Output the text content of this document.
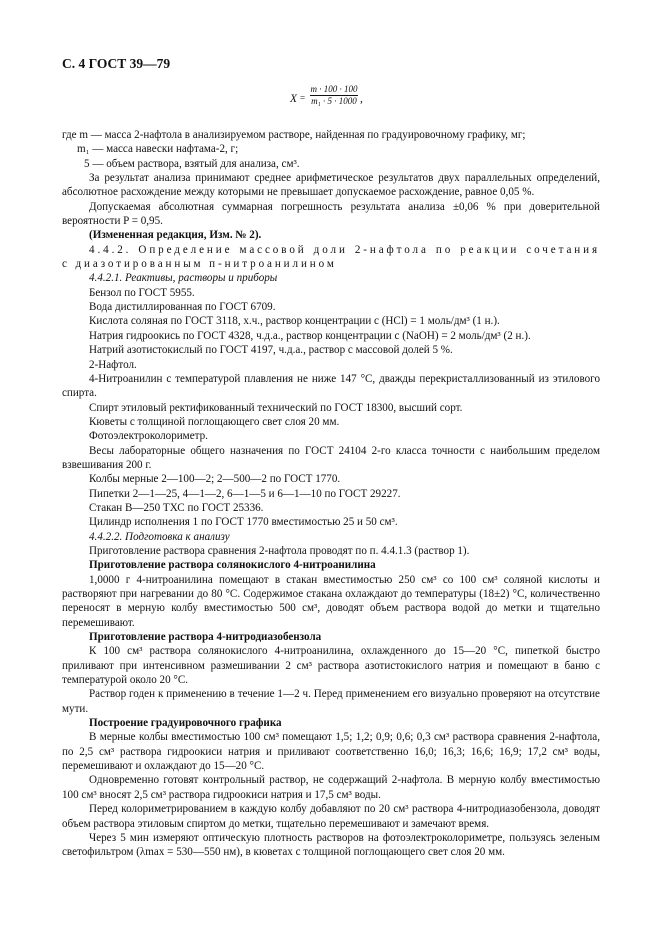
С. 4 ГОСТ 39—79
$X = \frac{m \cdot 100 \cdot 100}{\text{m₁ · 5 · 1000}}$ ,

где m — масса 2-нафтола в анализируемом растворе, найденная по градуировочному графику, мг;

m₁ — масса навески нафтама-2, г;

5 — объем раствора, взятый для анализа, см³.

За результат анализа принимают среднее арифметическое результатов двух параллельных определений, абсолютное расхождение между которыми не превышает допускаемое расхождение, равное 0,05 %.

Допускаемая абсолютная суммарная погрешность результата анализа ±0,06 % при доверительной вероятности P = 0,95.

(Измененная редакция, Изм. № 2).

4.4.2. Определение массовой доли 2-нафтола по реакции сочетания с диазотированным п-нитроанилином

4.4.2.1. Реактивы, растворы и приборы

Бензол по ГОСТ 5955.

Вода дистиллированная по ГОСТ 6709.

Кислота соляная по ГОСТ 3118, х.ч., раствор концентрации с (HCl) = 1 моль/дм³ (1 н.).

Натрия гидроокись по ГОСТ 4328, ч.д.а., раствор концентрации с (NaOH) = 2 моль/дм³ (2 н.).

Натрий азотистокислый по ГОСТ 4197, ч.д.а., раствор с массовой долей 5 %.

2-Нафтол.

4-Нитроанилин с температурой плавления не ниже 147 °С, дважды перекристаллизованный из этилового спирта.

Спирт этиловый ректификованный технический по ГОСТ 18300, высший сорт.

Кюветы с толщиной поглощающего свет слоя 20 мм.

Фотоэлектроколориметр.

Весы лабораторные общего назначения по ГОСТ 24104 2-го класса точности с наибольшим пределом взвешивания 200 г.

Колбы мерные 2—100—2; 2—500—2 по ГОСТ 1770.

Пипетки 2—1—25, 4—1—2, 6—1—5 и 6—1—10 по ГОСТ 29227.

Стакан В—250 ТХС по ГОСТ 25336.

Цилиндр исполнения 1 по ГОСТ 1770 вместимостью 25 и 50 см³.

4.4.2.2. Подготовка к анализу

Приготовление раствора сравнения 2-нафтола проводят по п. 4.4.1.3 (раствор 1).

Приготовление раствора солянокислого 4-нитроанилина

1,0000 г 4-нитроанилина помещают в стакан вместимостью 250 см³ со 100 см³ соляной кислоты и растворяют при нагревании до 80 °С. Содержимое стакана охлаждают до температуры (18±2) °С, количественно переносят в мерную колбу вместимостью 500 см³, доводят объем раствора водой до метки и тщательно перемешивают.

Приготовление раствора 4-нитродиазобензола

К 100 см³ раствора солянокислого 4-нитроанилина, охлажденного до 15—20 °С, пипеткой быстро приливают при интенсивном размешивании 2 см³ раствора азотистокислого натрия и помещают в баню с температурой около 20 °С.

Раствор годен к применению в течение 1—2 ч. Перед применением его визуально проверяют на отсутствие мути.

Построение градуировочного графика

В мерные колбы вместимостью 100 см³ помещают 1,5; 1,2; 0,9; 0,6; 0,3 см³ раствора сравнения 2-нафтола, по 2,5 см³ раствора гидроокиси натрия и приливают соответственно 16,0; 16,3; 16,6; 16,9; 17,2 см³ воды, перемешивают и охлаждают до 15—20 °С.

Одновременно готовят контрольный раствор, не содержащий 2-нафтола. В мерную колбу вместимостью 100 см³ вносят 2,5 см³ раствора гидроокиси натрия и 17,5 см³ воды.

Перед колориметрированием в каждую колбу добавляют по 20 см³ раствора 4-нитродиазобензола, доводят объем раствора этиловым спиртом до метки, тщательно перемешивают и замечают время.

Через 5 мин измеряют оптическую плотность растворов на фотоэлектроколориметре, пользуясь зеленым светофильтром (λmax = 530—550 нм), в кюветах с толщиной поглощающего свет слоя 20 мм.
